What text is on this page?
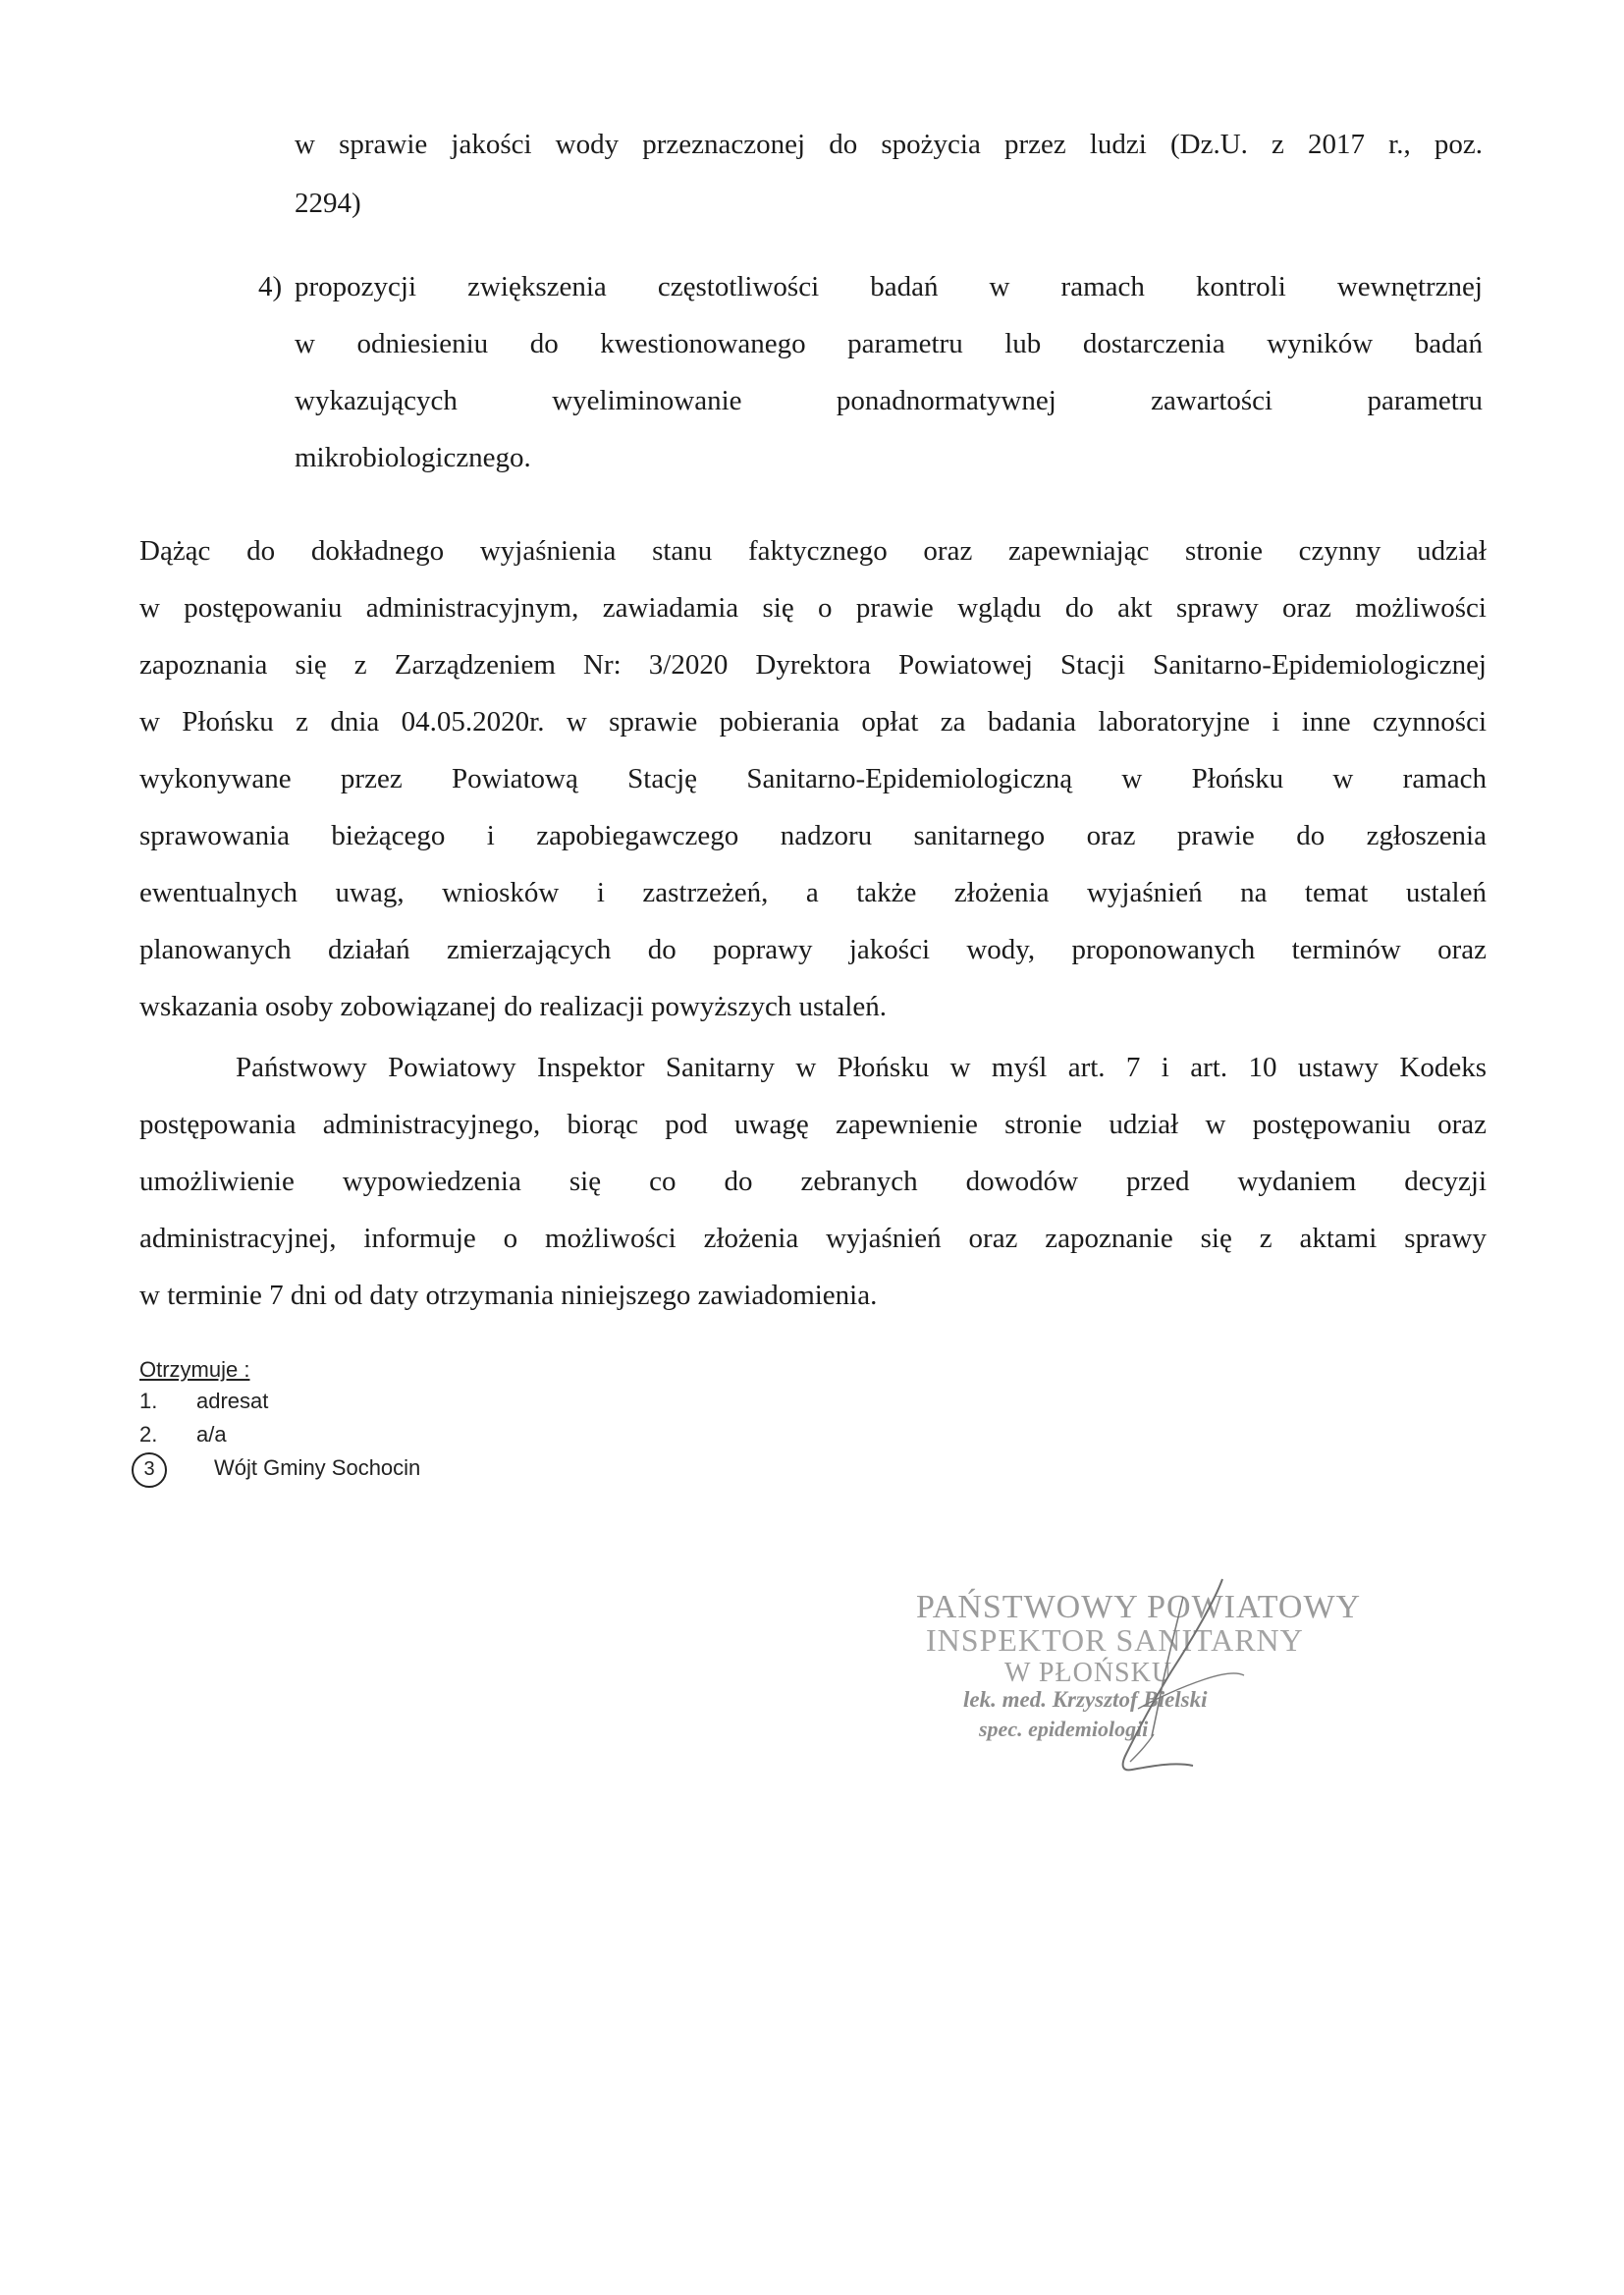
w sprawie jakości wody przeznaczonej do spożycia przez ludzi (Dz.U. z 2017 r., poz.
2294)
4) propozycji zwiększenia częstotliwości badań w ramach kontroli wewnętrznej
w odniesieniu do kwestionowanego parametru lub dostarczenia wyników badań
wykazujących wyeliminowanie ponadnormatywnej zawartości parametru
mikrobiologicznego.
Dążąc do dokładnego wyjaśnienia stanu faktycznego oraz zapewniając stronie czynny udział
w postępowaniu administracyjnym, zawiadamia się o prawie wglądu do akt sprawy oraz możliwości
zapoznania się z Zarządzeniem Nr: 3/2020 Dyrektora Powiatowej Stacji Sanitarno-Epidemiologicznej
w Płońsku z dnia 04.05.2020r. w sprawie pobierania opłat za badania laboratoryjne i inne czynności
wykonywane przez Powiatową Stację Sanitarno-Epidemiologiczną w Płońsku w ramach
sprawowania bieżącego i zapobiegawczego nadzoru sanitarnego oraz prawie do zgłoszenia
ewentualnych uwag, wniosków i zastrzeżeń, a także złożenia wyjaśnień na temat ustaleń
planowanych działań zmierzających do poprawy jakości wody, proponowanych terminów oraz
wskazania osoby zobowiązanej do realizacji powyższych ustaleń.
Państwowy Powiatowy Inspektor Sanitarny w Płońsku w myśl art. 7 i art. 10 ustawy Kodeks
postępowania administracyjnego, biorąc pod uwagę zapewnienie stronie udział w postępowaniu oraz
umożliwienie wypowiedzenia się co do zebranych dowodów przed wydaniem decyzji
administracyjnej, informuje o możliwości złożenia wyjaśnień oraz zapoznanie się z aktami sprawy
w terminie 7 dni od daty otrzymania niniejszego zawiadomienia.
Otrzymuje :
1. adresat
2. a/a
3	Wójt Gminy Sochocin
PAŃSTWOWY POWIATOWY
INSPEKTOR SANITARNY
W PŁOŃSKU
lek. med. Krzysztof Bielski
spec. epidemiologii
